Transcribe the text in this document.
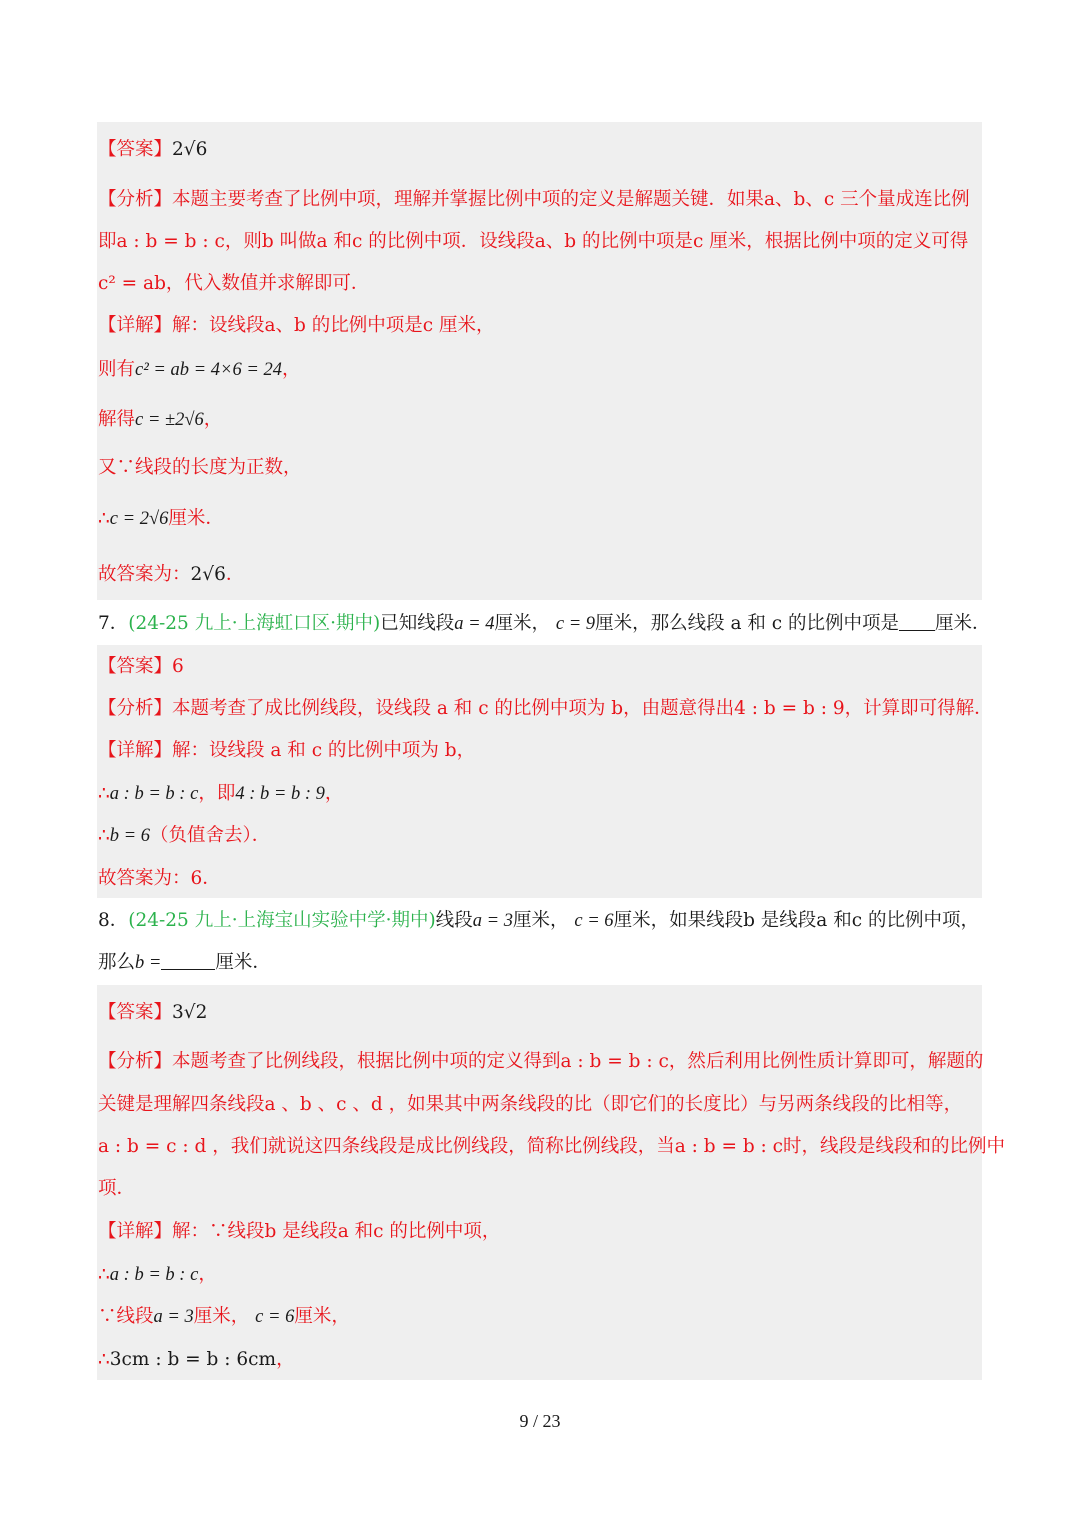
【答案】2√6
【分析】本题主要考查了比例中项，理解并掌握比例中项的定义是解题关键．如果a、b、c 三个量成连比例
即a : b = b : c，则b 叫做a 和c 的比例中项．设线段a、b 的比例中项是c 厘米，根据比例中项的定义可得
c² = ab，代入数值并求解即可．
【详解】解：设线段a、b 的比例中项是c 厘米，
则有c² = ab = 4×6 = 24，
解得c = ±2√6，
又∵线段的长度为正数，
∴c = 2√6厘米．
故答案为：2√6．
7．(24-25 九上·上海虹口区·期中)已知线段a = 4厘米， c = 9厘米，那么线段 a 和 c 的比例中项是 厘米．
【答案】6
【分析】本题考查了成比例线段，设线段 a 和 c 的比例中项为 b，由题意得出4 : b = b : 9，计算即可得解．
【详解】解：设线段 a 和 c 的比例中项为 b，
∴a : b = b : c，即4 : b = b : 9，
∴b = 6（负值舍去）．
故答案为：6．
8．(24-25 九上·上海宝山实验中学·期中)线段a = 3厘米， c = 6厘米，如果线段b 是线段a 和c 的比例中项，
那么b =	厘米．
【答案】3√2
【分析】本题考查了比例线段，根据比例中项的定义得到a : b = b : c，然后利用比例性质计算即可，解题的
关键是理解四条线段a 、b 、c 、d ，如果其中两条线段的比（即它们的长度比）与另两条线段的比相等，
a : b = c : d ，我们就说这四条线段是成比例线段，简称比例线段，当a : b = b : c时，线段是线段和的比例中
项．
【详解】解：∵线段b 是线段a 和c 的比例中项，
∴a : b = b : c，
∵线段a = 3厘米， c = 6厘米，
∴3cm : b = b : 6cm，
9 / 23
